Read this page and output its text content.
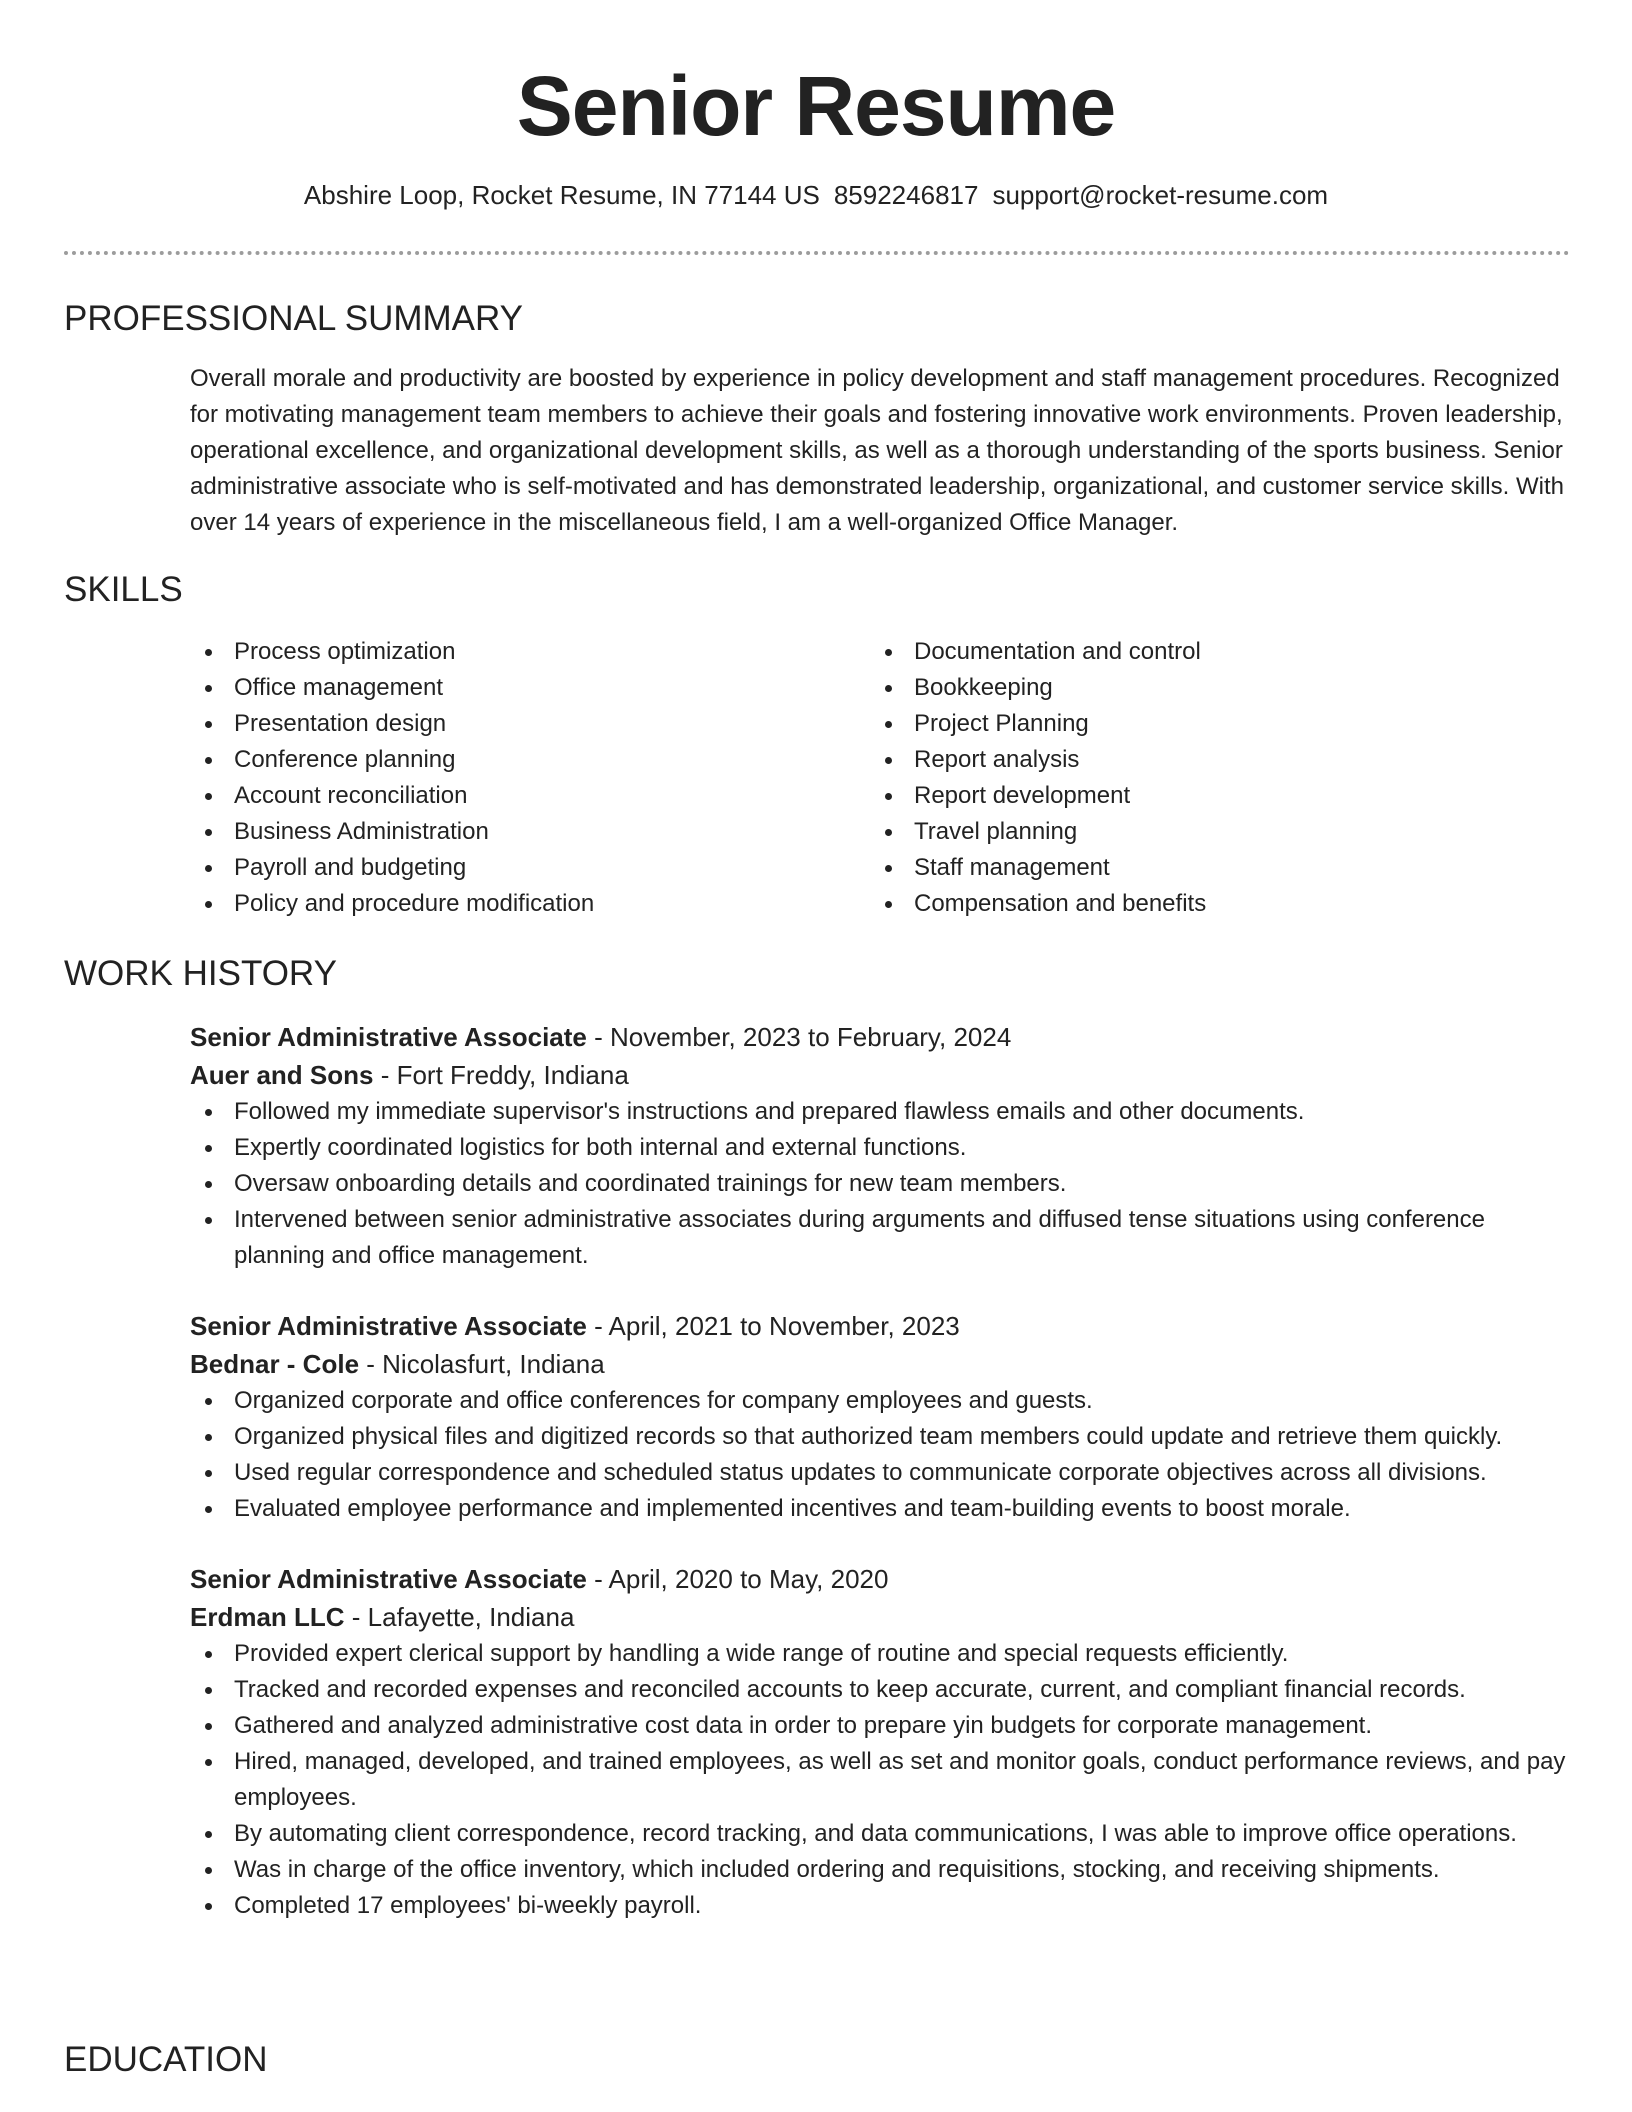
Senior Resume
Abshire Loop, Rocket Resume, IN 77144 US 8592246817 support@rocket-resume.com
PROFESSIONAL SUMMARY
Overall morale and productivity are boosted by experience in policy development and staff management procedures. Recognized for motivating management team members to achieve their goals and fostering innovative work environments. Proven leadership, operational excellence, and organizational development skills, as well as a thorough understanding of the sports business. Senior administrative associate who is self-motivated and has demonstrated leadership, organizational, and customer service skills. With over 14 years of experience in the miscellaneous field, I am a well-organized Office Manager.
SKILLS
Process optimization
Office management
Presentation design
Conference planning
Account reconciliation
Business Administration
Payroll and budgeting
Policy and procedure modification
Documentation and control
Bookkeeping
Project Planning
Report analysis
Report development
Travel planning
Staff management
Compensation and benefits
WORK HISTORY
Senior Administrative Associate - November, 2023 to February, 2024
Auer and Sons - Fort Freddy, Indiana
Followed my immediate supervisor's instructions and prepared flawless emails and other documents.
Expertly coordinated logistics for both internal and external functions.
Oversaw onboarding details and coordinated trainings for new team members.
Intervened between senior administrative associates during arguments and diffused tense situations using conference planning and office management.
Senior Administrative Associate - April, 2021 to November, 2023
Bednar - Cole - Nicolasfurt, Indiana
Organized corporate and office conferences for company employees and guests.
Organized physical files and digitized records so that authorized team members could update and retrieve them quickly.
Used regular correspondence and scheduled status updates to communicate corporate objectives across all divisions.
Evaluated employee performance and implemented incentives and team-building events to boost morale.
Senior Administrative Associate - April, 2020 to May, 2020
Erdman LLC - Lafayette, Indiana
Provided expert clerical support by handling a wide range of routine and special requests efficiently.
Tracked and recorded expenses and reconciled accounts to keep accurate, current, and compliant financial records.
Gathered and analyzed administrative cost data in order to prepare yin budgets for corporate management.
Hired, managed, developed, and trained employees, as well as set and monitor goals, conduct performance reviews, and pay employees.
By automating client correspondence, record tracking, and data communications, I was able to improve office operations.
Was in charge of the office inventory, which included ordering and requisitions, stocking, and receiving shipments.
Completed 17 employees' bi-weekly payroll.
EDUCATION
